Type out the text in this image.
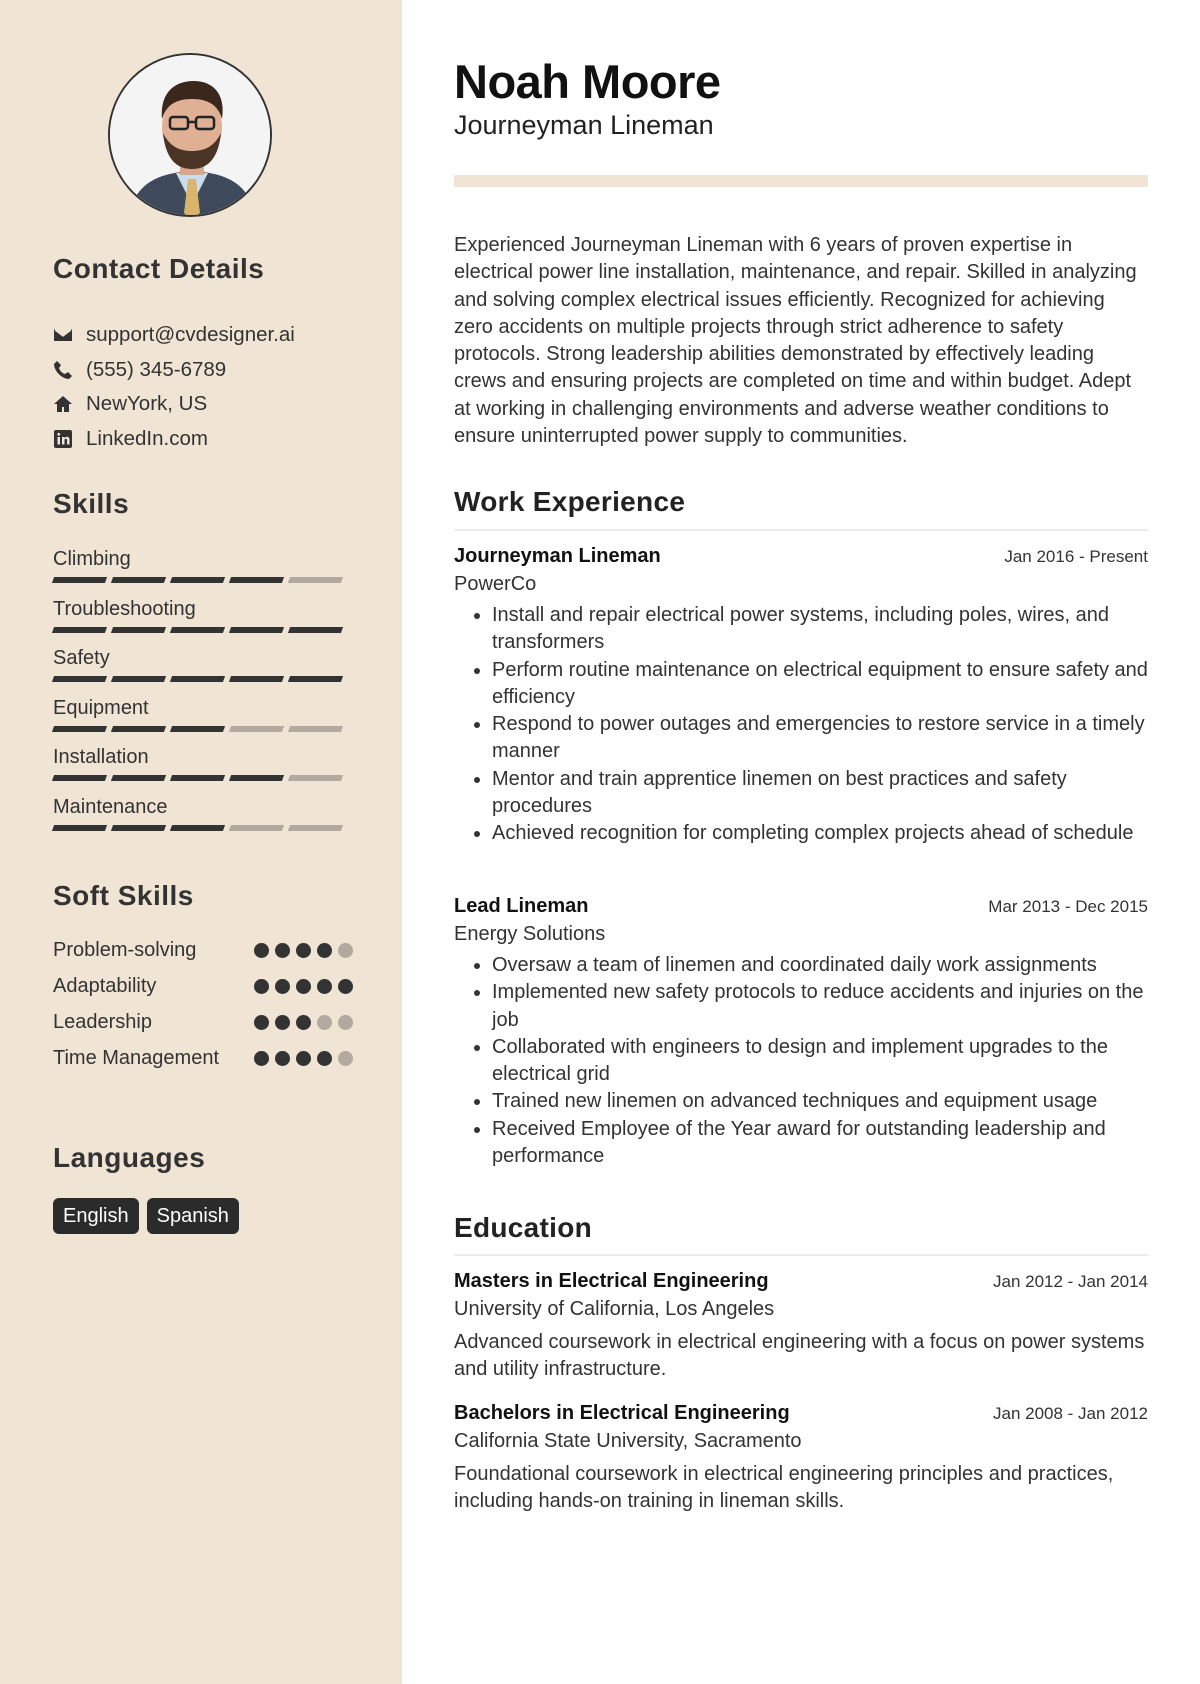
Contact Details
support@cvdesigner.ai
(555) 345-6789
NewYork, US
LinkedIn.com
Skills
Climbing
Troubleshooting
Safety
Equipment
Installation
Maintenance
Soft Skills
Problem-solving
Adaptability
Leadership
Time Management
Languages
English	Spanish
Noah Moore
Journeyman Lineman

Experienced Journeyman Lineman with 6 years of proven expertise in electrical power line installation, maintenance, and repair. Skilled in analyzing and solving complex electrical issues efficiently. Recognized for achieving zero accidents on multiple projects through strict adherence to safety protocols. Strong leadership abilities demonstrated by effectively leading crews and ensuring projects are completed on time and within budget. Adept at working in challenging environments and adverse weather conditions to ensure uninterrupted power supply to communities.

Work Experience
Journeyman Lineman	Jan 2016 - Present
PowerCo
• Install and repair electrical power systems, including poles, wires, and transformers
• Perform routine maintenance on electrical equipment to ensure safety and efficiency
• Respond to power outages and emergencies to restore service in a timely manner
• Mentor and train apprentice linemen on best practices and safety procedures
• Achieved recognition for completing complex projects ahead of schedule
Lead Lineman	Mar 2013 - Dec 2015
Energy Solutions
• Oversaw a team of linemen and coordinated daily work assignments
• Implemented new safety protocols to reduce accidents and injuries on the job
• Collaborated with engineers to design and implement upgrades to the electrical grid
• Trained new linemen on advanced techniques and equipment usage
• Received Employee of the Year award for outstanding leadership and performance
Education
Masters in Electrical Engineering	Jan 2012 - Jan 2014
University of California, Los Angeles

Advanced coursework in electrical engineering with a focus on power systems and utility infrastructure.

Bachelors in Electrical Engineering	Jan 2008 - Jan 2012
California State University, Sacramento

Foundational coursework in electrical engineering principles and practices, including hands-on training in lineman skills.
